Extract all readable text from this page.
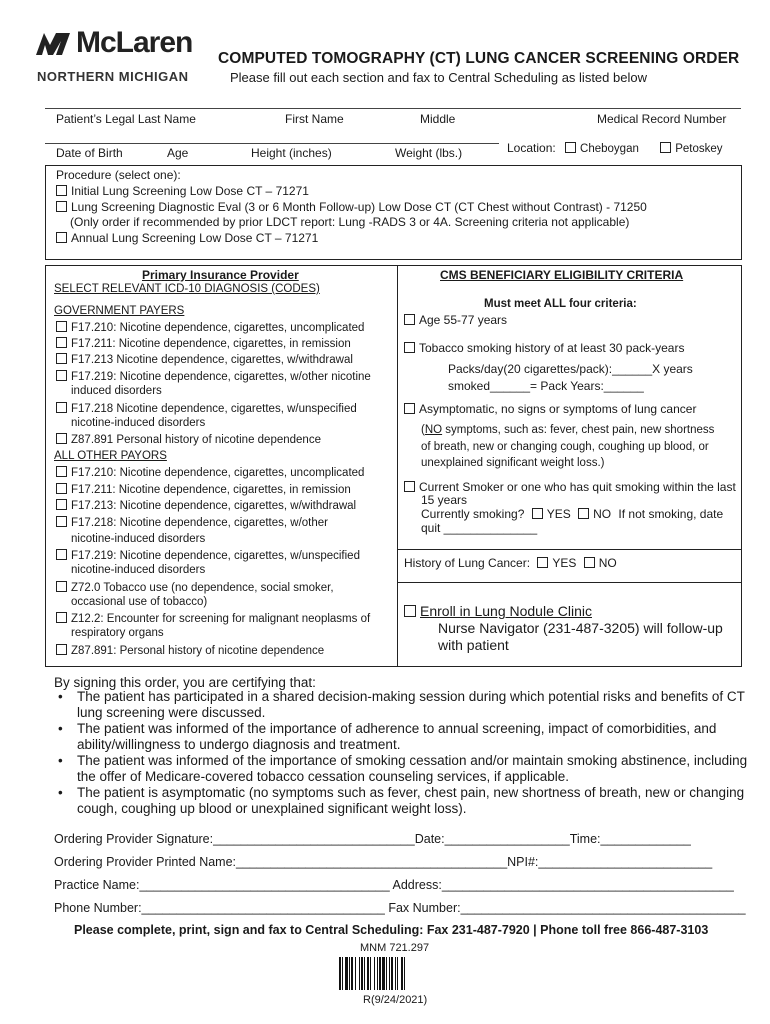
McLaren
NORTHERN MICHIGAN
COMPUTED TOMOGRAPHY (CT) LUNG CANCER SCREENING ORDER
Please fill out each section and fax to Central Scheduling as listed below
Patient’s Legal Last Name	First Name	Middle	Medical Record Number
Date of Birth	Age	Height (inches)	Weight (lbs.)	Location: Cheboygan	Petoskey
Procedure (select one):
Initial Lung Screening Low Dose CT – 71271
Lung Screening Diagnostic Eval (3 or 6 Month Follow-up) Low Dose CT (CT Chest without Contrast) - 71250
(Only order if recommended by prior LDCT report: Lung -RADS 3 or 4A. Screening criteria not applicable)
Annual Lung Screening Low Dose CT – 71271
Primary Insurance Provider
SELECT RELEVANT ICD-10 DIAGNOSIS (CODES)
GOVERNMENT PAYERS
F17.210: Nicotine dependence, cigarettes, uncomplicated
F17.211: Nicotine dependence, cigarettes, in remission
F17.213 Nicotine dependence, cigarettes, w/withdrawal
F17.219: Nicotine dependence, cigarettes, w/other nicotine
induced disorders
F17.218 Nicotine dependence, cigarettes, w/unspecified
nicotine-induced disorders
Z87.891 Personal history of nicotine dependence
ALL OTHER PAYORS
F17.210: Nicotine dependence, cigarettes, uncomplicated
F17.211: Nicotine dependence, cigarettes, in remission
F17.213: Nicotine dependence, cigarettes, w/withdrawal
F17.218: Nicotine dependence, cigarettes, w/other
nicotine-induced disorders
F17.219: Nicotine dependence, cigarettes, w/unspecified
nicotine-induced disorders
Z72.0 Tobacco use (no dependence, social smoker,
occasional use of tobacco)
Z12.2: Encounter for screening for malignant neoplasms of
respiratory organs
Z87.891: Personal history of nicotine dependence
CMS BENEFICIARY ELIGIBILITY CRITERIA
Must meet ALL four criteria:
Age 55-77 years
Tobacco smoking history of at least 30 pack-years
Packs/day(20 cigarettes/pack):______X years
smoked______= Pack Years:______
Asymptomatic, no signs or symptoms of lung cancer
(NO symptoms, such as: fever, chest pain, new shortness
of breath, new or changing cough, coughing up blood, or
unexplained significant weight loss.)
Current Smoker or one who has quit smoking within the last
15 years
Currently smoking? YES NO If not smoking, date
quit ______________
History of Lung Cancer: YES NO
Enroll in Lung Nodule Clinic
Nurse Navigator (231-487-3205) will follow-up
with patient
By signing this order, you are certifying that:
• The patient has participated in a shared decision-making session during which potential risks and benefits of CT
lung screening were discussed.
• The patient was informed of the importance of adherence to annual screening, impact of comorbidities, and
ability/willingness to undergo diagnosis and treatment.
• The patient was informed of the importance of smoking cessation and/or maintain smoking abstinence, including
the offer of Medicare-covered tobacco cessation counseling services, if applicable.
• The patient is asymptomatic (no symptoms such as fever, chest pain, new shortness of breath, new or changing
cough, coughing up blood or unexplained significant weight loss).
Ordering Provider Signature:_____________________________Date:__________________Time:_____________
Ordering Provider Printed Name:_______________________________________NPI#:_________________________
Practice Name:____________________________________ Address:__________________________________________
Phone Number:___________________________________ Fax Number:_________________________________________
Please complete, print, sign and fax to Central Scheduling: Fax 231-487-7920 | Phone toll free 866-487-3103
MNM 721.297
R(9/24/2021)
